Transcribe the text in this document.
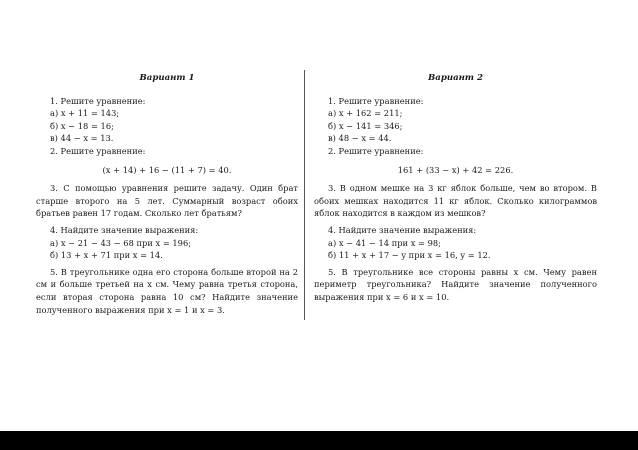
Вариант 1
1. Решите уравнение:
а) x + 11 = 143;
б) x − 18 = 16;
в) 44 − x = 13.
2. Решите уравнение:
(x + 14) + 16 − (11 + 7) = 40.
3. С помощью уравнения решите задачу. Один брат старше второго на 5 лет. Суммарный возраст обоих братьев равен 17 годам. Сколько лет братьям?
4. Найдите значение выражения:
а) x − 21 − 43 − 68 при x = 196;
б) 13 + x + 71 при x = 14.
5. В треугольнике одна его сторона больше второй на 2 см и больше третьей на x см. Чему равна третья сторона, если вторая сторона равна 10 см? Найдите значение полученного выражения при x = 1 и x = 3.
Вариант 2
1. Решите уравнение:
а) x + 162 = 211;
б) x − 141 = 346;
в) 48 − x = 44.
2. Решите уравнение:
161 + (33 − x) + 42 = 226.
3. В одном мешке на 3 кг яблок больше, чем во втором. В обоих мешках находится 11 кг яблок. Сколько килограммов яблок находится в каждом из мешков?
4. Найдите значение выражения:
а) x − 41 − 14 при x = 98;
б) 11 + x + 17 − y при x = 16, y = 12.
5. В треугольнике все стороны равны x см. Чему равен периметр треугольника? Найдите значение полученного выражения при x = 6 и x = 10.
